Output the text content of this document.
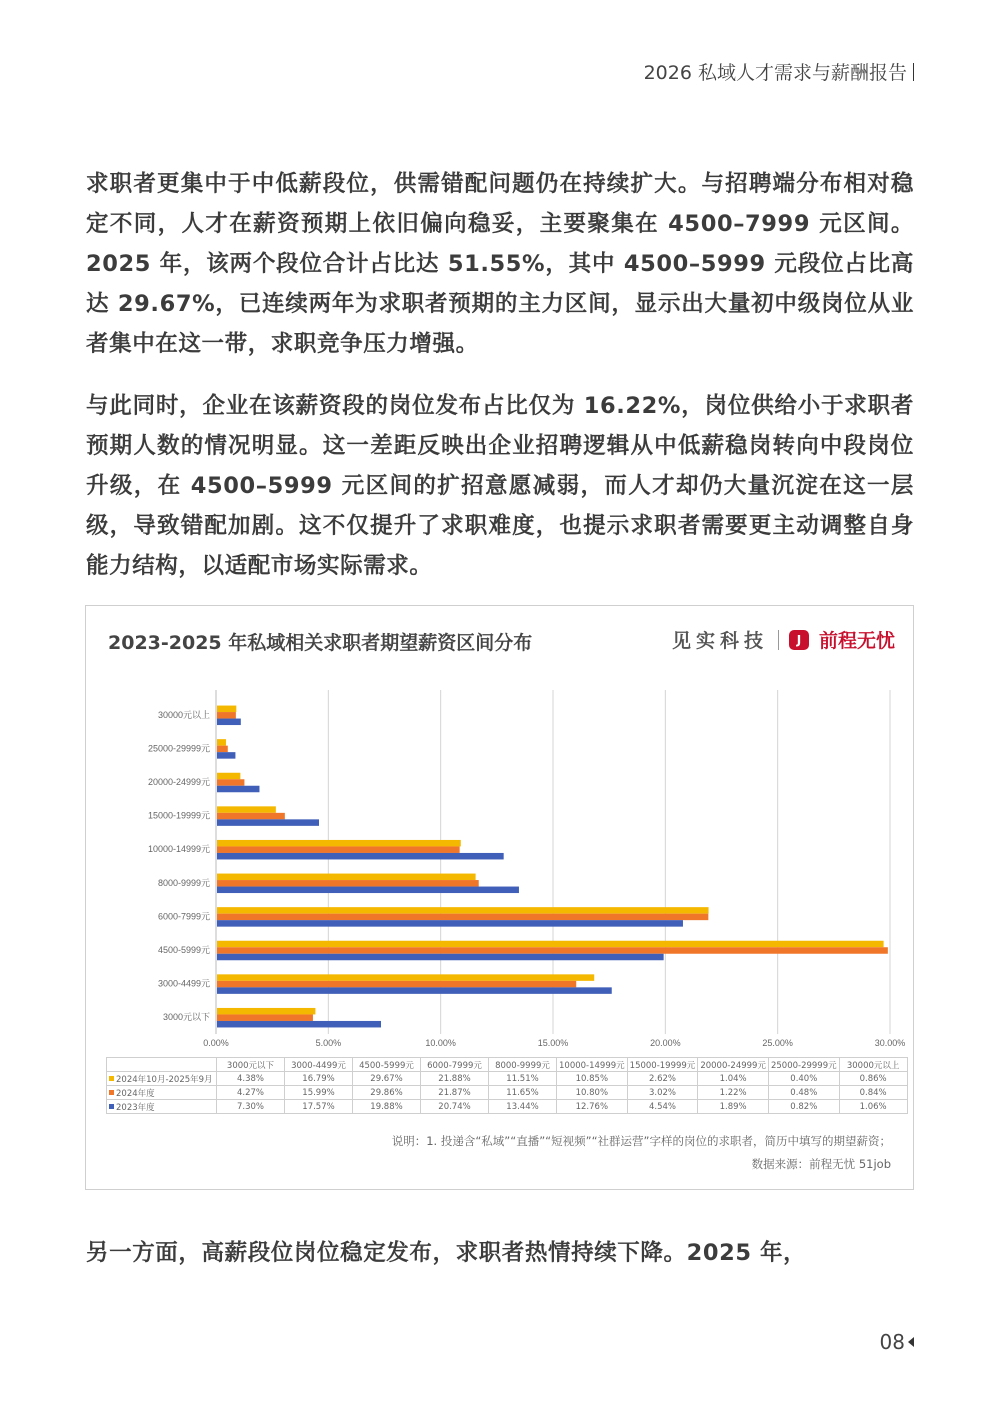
2026 私域人才需求与薪酬报告

求职者更集中于中低薪段位，供需错配问题仍在持续扩大。与招聘端分布相对稳定不同，人才在薪资预期上依旧偏向稳妥，主要聚集在 4500–7999 元区间。2025 年，该两个段位合计占比达 51.55%，其中 4500–5999 元段位占比高达 29.67%，已连续两年为求职者预期的主力区间，显示出大量初中级岗位从业者集中在这一带，求职竞争压力增强。

与此同时，企业在该薪资段的岗位发布占比仅为 16.22%，岗位供给小于求职者预期人数的情况明显。这一差距反映出企业招聘逻辑从中低薪稳岗转向中段岗位升级，在 4500–5999 元区间的扩招意愿减弱，而人才却仍大量沉淀在这一层级，导致错配加剧。这不仅提升了求职难度，也提示求职者需要更主动调整自身能力结构，以适配市场实际需求。

2023-2025 年私域相关求职者期望薪资区间分布	见实科技	J 前程无忧
0.00%	5.00%	10.00%	15.00%	20.00%	25.00%	30.00%
3000元以下
3000-4499元
4500-5999元
6000-7999元
8000-9999元
10000-14999元
15000-19999元
20000-24999元
25000-29999元
30000元以上
	3000元以下	3000-4499元	4500-5999元	6000-7999元	8000-9999元	10000-14999元	15000-19999元	20000-24999元	25000-29999元	30000元以上
2024年10月-2025年9月	4.38%	16.79%	29.67%	21.88%	11.51%	10.85%	2.62%	1.04%	0.40%	0.86%
2024年度	4.27%	15.99%	29.86%	21.87%	11.65%	10.80%	3.02%	1.22%	0.48%	0.84%
2023年度	7.30%	17.57%	19.88%	20.74%	13.44%	12.76%	4.54%	1.89%	0.82%	1.06%
说明：1. 投递含“私域”“直播”“短视频”“社群运营”字样的岗位的求职者，简历中填写的期望薪资；
数据来源：前程无忧 51job

另一方面，高薪段位岗位稳定发布，求职者热情持续下降。2025 年，

08
